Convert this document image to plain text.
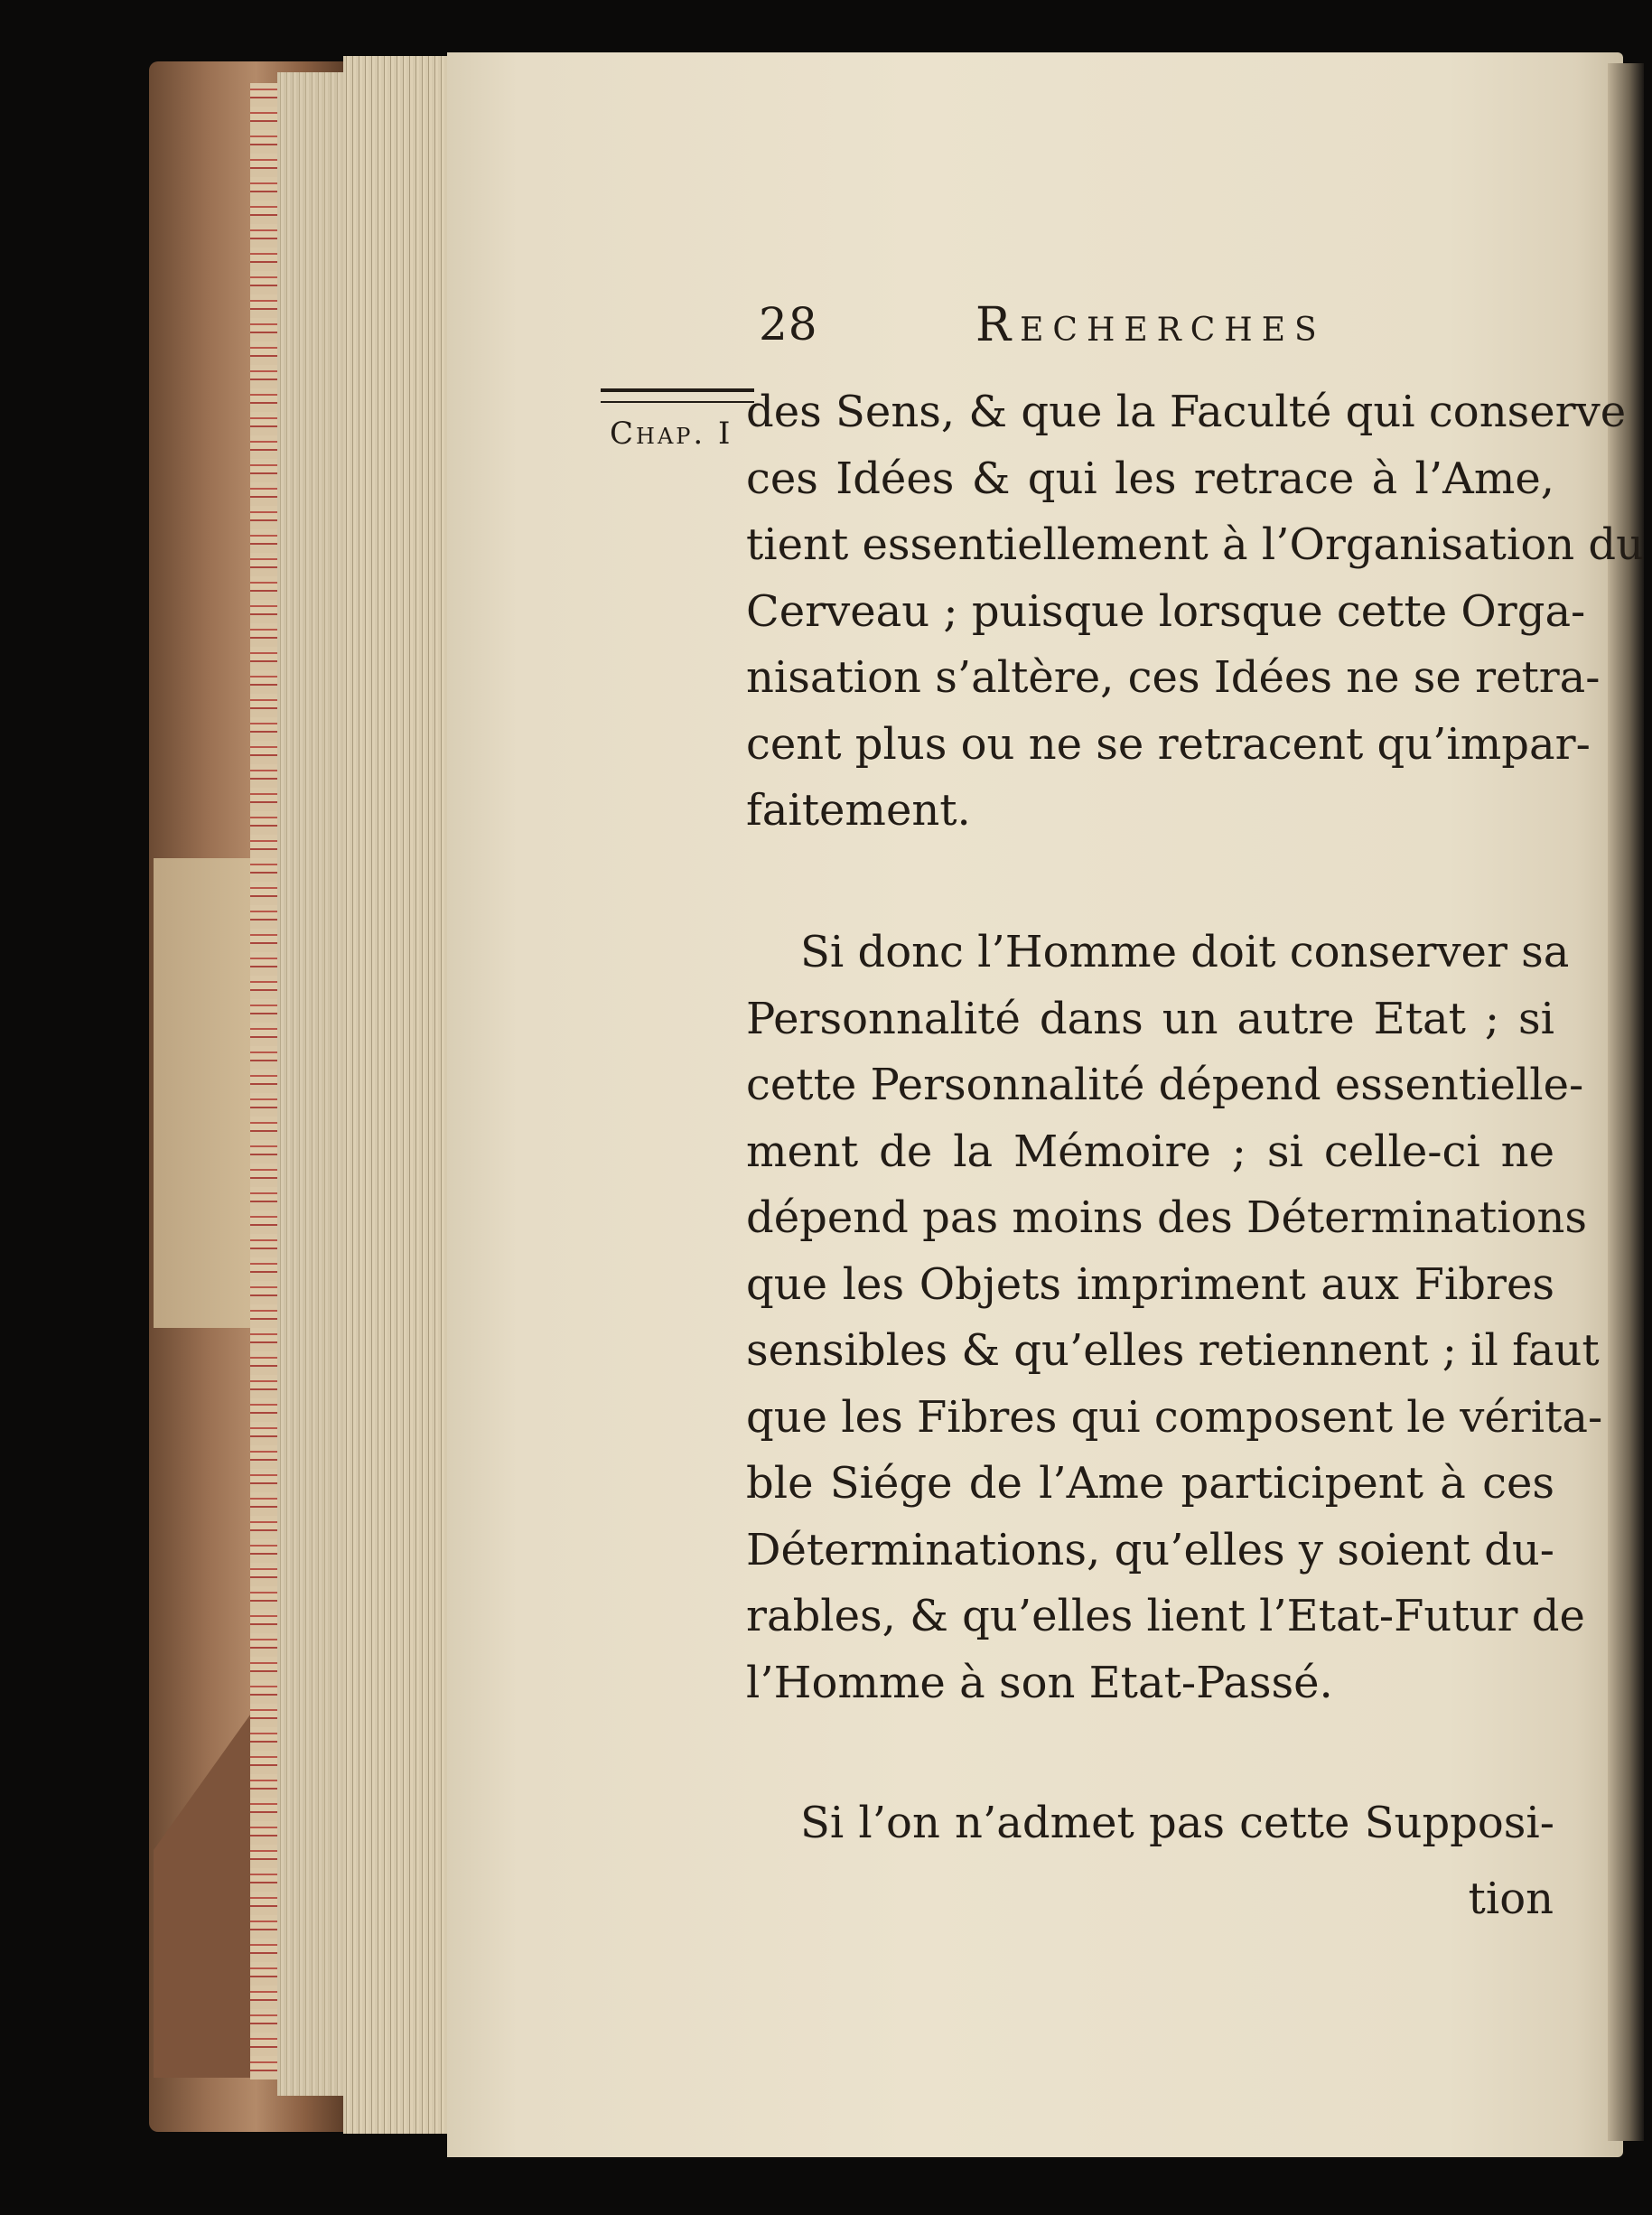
28	Recherches
Chap. I des Sens, & que la Faculté qui conserve
ces Idées & qui les retrace à l’Ame,
tient essentiellement à l’Organisation du
Cerveau ; puisque lorsque cette Orga-
nisation s’altère, ces Idées ne se retra-
cent plus ou ne se retracent qu’impar-
faitement.
Si donc l’Homme doit conserver sa
Personnalité dans un autre Etat ; si
cette Personnalité dépend essentielle-
ment de la Mémoire ; si celle-ci ne
dépend pas moins des Déterminations
que les Objets impriment aux Fibres
sensibles & qu’elles retiennent ; il faut
que les Fibres qui composent le vérita-
ble Siége de l’Ame participent à ces
Déterminations, qu’elles y soient du-
rables, & qu’elles lient l’Etat-Futur de
l’Homme à son Etat-Passé.
Si l’on n’admet pas cette Supposi-
tion
